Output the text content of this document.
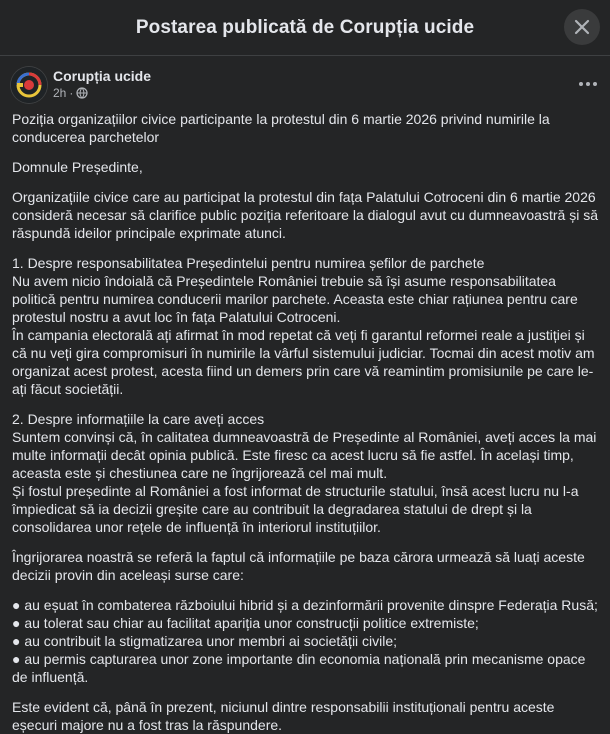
Postarea publicată de Corupția ucide
Corupția ucide
2h ·

Poziția organizațiilor civice participante la protestul din 6 martie 2026 privind numirile la conducerea parchetelor

Domnule Președinte,

Organizațiile civice care au participat la protestul din fața Palatului Cotroceni din 6 martie 2026 consideră necesar să clarifice public poziția referitoare la dialogul avut cu dumneavoastră și să răspundă ideilor principale exprimate atunci.

1. Despre responsabilitatea Președintelui pentru numirea șefilor de parchete
Nu avem nicio îndoială că Președintele României trebuie să își asume responsabilitatea politică pentru numirea conducerii marilor parchete. Aceasta este chiar rațiunea pentru care protestul nostru a avut loc în fața Palatului Cotroceni.
În campania electorală ați afirmat în mod repetat că veți fi garantul reformei reale a justiției și că nu veți gira compromisuri în numirile la vârful sistemului judiciar. Tocmai din acest motiv am organizat acest protest, acesta fiind un demers prin care vă reamintim promisiunile pe care le-ați făcut societății.

2. Despre informațiile la care aveți acces
Suntem convinși că, în calitatea dumneavoastră de Președinte al României, aveți acces la mai multe informații decât opinia publică. Este firesc ca acest lucru să fie astfel. În același timp, aceasta este și chestiunea care ne îngrijorează cel mai mult.
Și fostul președinte al României a fost informat de structurile statului, însă acest lucru nu l-a împiedicat să ia decizii greșite care au contribuit la degradarea statului de drept și la consolidarea unor rețele de influență în interiorul instituțiilor.

Îngrijorarea noastră se referă la faptul că informațiile pe baza cărora urmează să luați aceste decizii provin din aceleași surse care:

● au eșuat în combaterea războiului hibrid și a dezinformării provenite dinspre Federația Rusă;
● au tolerat sau chiar au facilitat apariția unor construcții politice extremiste;
● au contribuit la stigmatizarea unor membri ai societății civile;
● au permis capturarea unor zone importante din economia națională prin mecanisme opace de influență.

Este evident că, până în prezent, niciunul dintre responsabilii instituționali pentru aceste eșecuri majore nu a fost tras la răspundere.
